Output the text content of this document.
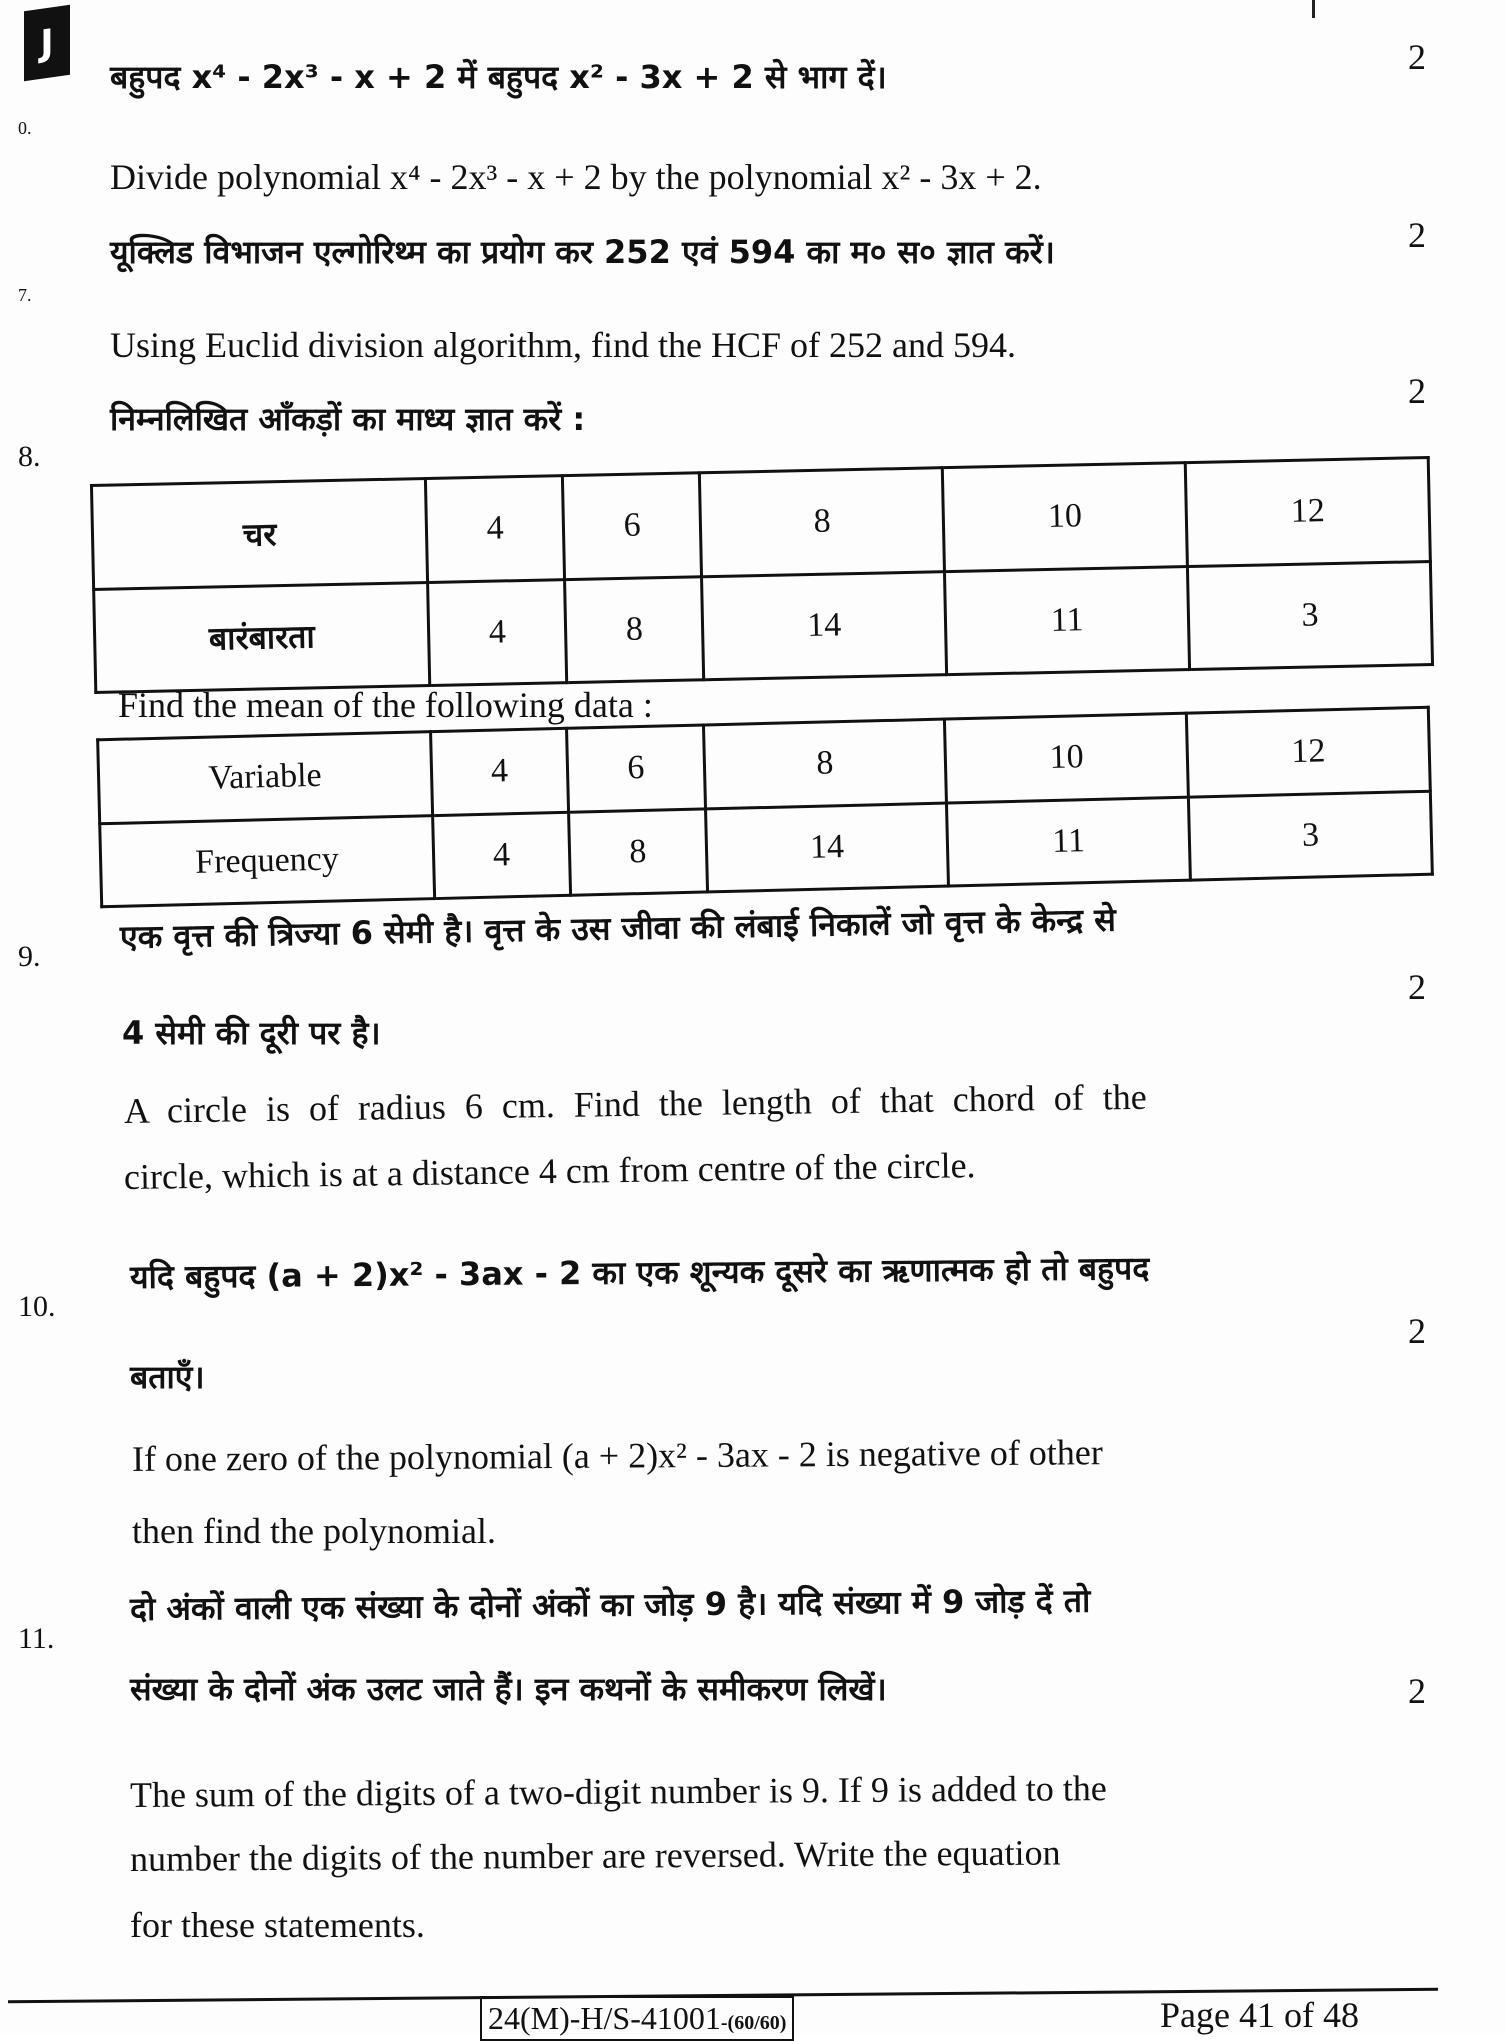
J
0.
बहुपद x⁴ - 2x³ - x + 2 में बहुपद x² - 3x + 2 से भाग दें।	2
Divide polynomial x⁴ - 2x³ - x + 2 by the polynomial x² - 3x + 2.
7.
यूक्लिड विभाजन एल्गोरिथ्म का प्रयोग कर 252 एवं 594 का म० स० ज्ञात करें।	2
Using Euclid division algorithm, find the HCF of 252 and 594.
8.
2
निम्नलिखित आँकड़ों का माध्य ज्ञात करें :
चर	4	6	8	10	12
बारंबारता	4	8	14	11	3
Find the mean of the following data :
Variable	4	6	8	10	12
Frequency	4	8	14	11	3
9.
एक वृत्त की त्रिज्या 6 सेमी है। वृत्त के उस जीवा की लंबाई निकालें जो वृत्त के केन्द्र से
2
4 सेमी की दूरी पर है।
A circle is of radius 6 cm. Find the length of that chord of the
circle, which is at a distance 4 cm from centre of the circle.
10.
यदि बहुपद (a + 2)x² - 3ax - 2 का एक शून्यक दूसरे का ऋणात्मक हो तो बहुपद
2
बताएँ।
If one zero of the polynomial (a + 2)x² - 3ax - 2 is negative of other
then find the polynomial.
11.
दो अंकों वाली एक संख्या के दोनों अंकों का जोड़ 9 है। यदि संख्या में 9 जोड़ दें तो
2
संख्या के दोनों अंक उलट जाते हैं। इन कथनों के समीकरण लिखें।
The sum of the digits of a two-digit number is 9. If 9 is added to the
number the digits of the number are reversed. Write the equation
for these statements.
24(M)-H/S-41001-(60/60)	Page 41 of 48
